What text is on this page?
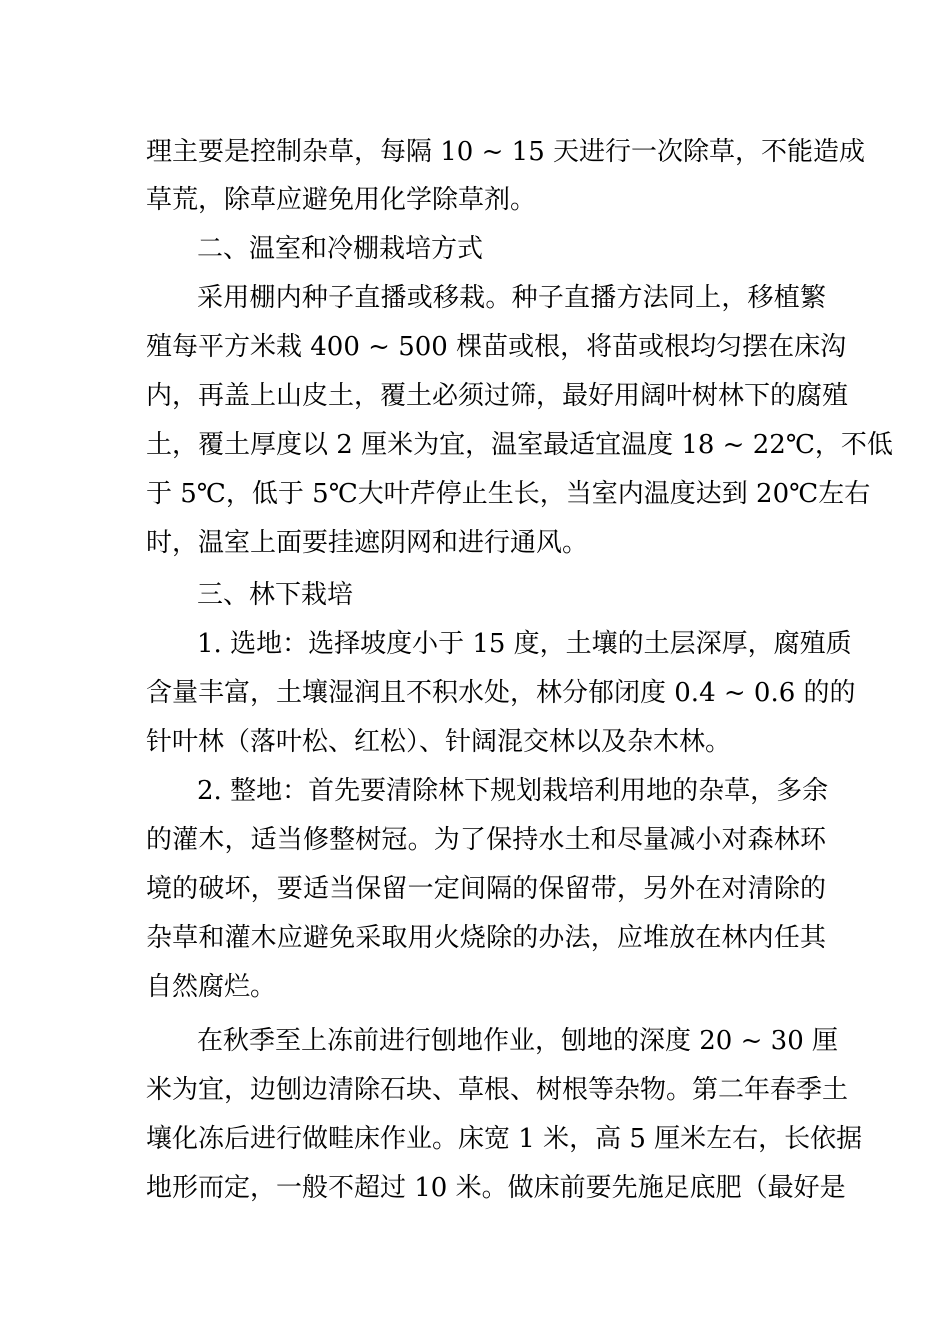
理主要是控制杂草，每隔 10 ~ 15 天进行一次除草，不能造成
草荒，除草应避免用化学除草剂。
二、温室和冷棚栽培方式
采用棚内种子直播或移栽。种子直播方法同上，移植繁
殖每平方米栽 400 ~ 500 棵苗或根，将苗或根均匀摆在床沟
内，再盖上山皮土，覆土必须过筛，最好用阔叶树林下的腐殖
土，覆土厚度以 2 厘米为宜，温室最适宜温度 18 ~ 22℃，不低
于 5℃，低于 5℃大叶芹停止生长，当室内温度达到 20℃左右
时，温室上面要挂遮阴网和进行通风。
三、林下栽培
1. 选地：选择坡度小于 15 度，土壤的土层深厚，腐殖质
含量丰富，土壤湿润且不积水处，林分郁闭度 0.4 ~ 0.6 的的
针叶林（落叶松、红松）、针阔混交林以及杂木林。
2. 整地：首先要清除林下规划栽培利用地的杂草，多余
的灌木，适当修整树冠。为了保持水土和尽量减小对森林环
境的破坏，要适当保留一定间隔的保留带，另外在对清除的
杂草和灌木应避免采取用火烧除的办法，应堆放在林内任其
自然腐烂。
在秋季至上冻前进行刨地作业，刨地的深度 20 ~ 30 厘
米为宜，边刨边清除石块、草根、树根等杂物。第二年春季土
壤化冻后进行做畦床作业。床宽 1 米，高 5 厘米左右，长依据
地形而定，一般不超过 10 米。做床前要先施足底肥（最好是
